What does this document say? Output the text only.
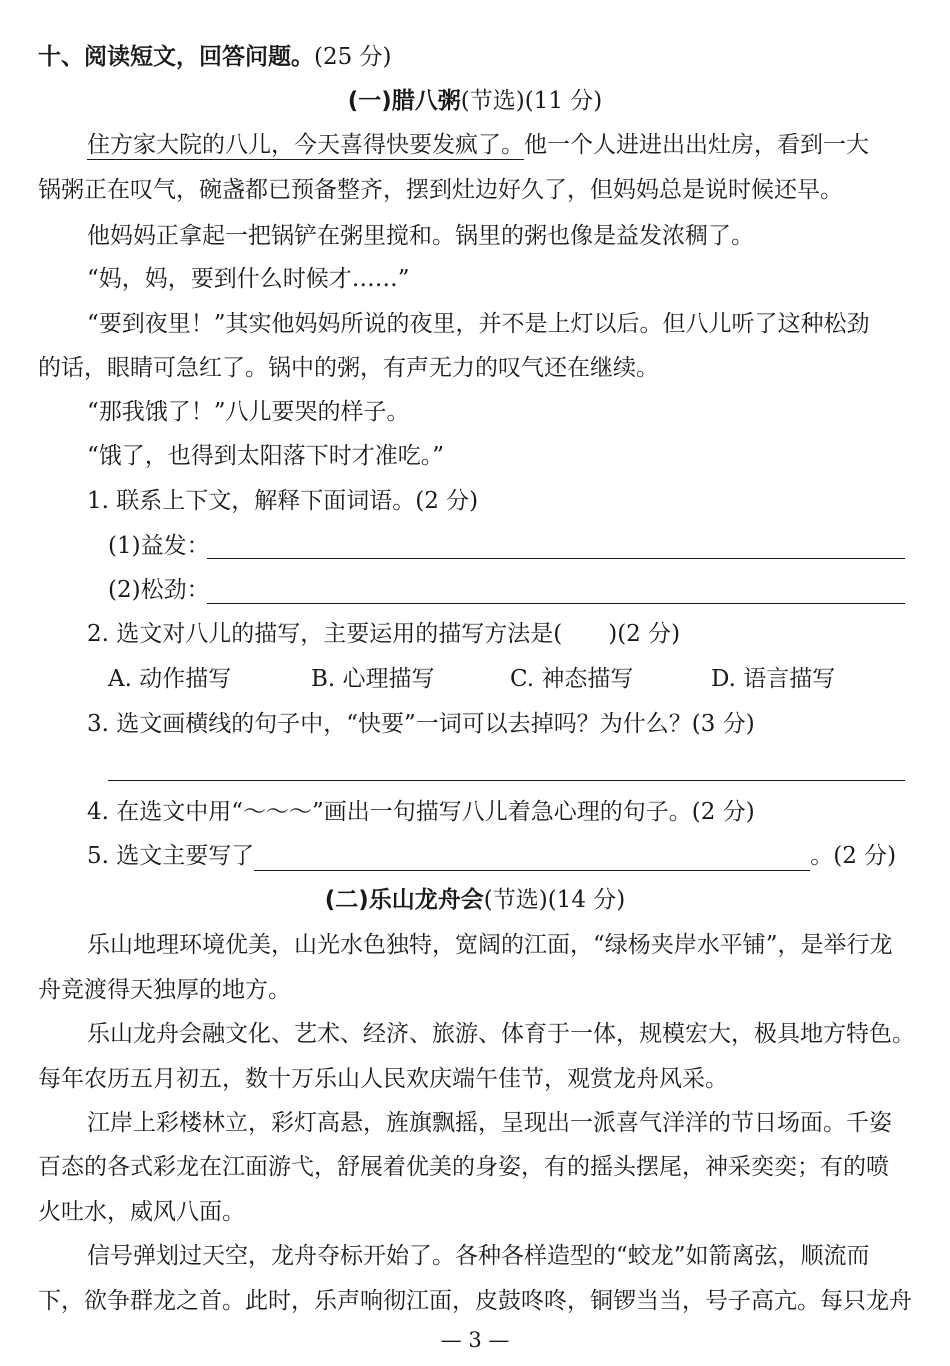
十、阅读短文，回答问题。(25 分)
(一)腊八粥(节选)(11 分)
住方家大院的八儿，今天喜得快要发疯了。他一个人进进出出灶房，看到一大
锅粥正在叹气，碗盏都已预备整齐，摆到灶边好久了，但妈妈总是说时候还早。
他妈妈正拿起一把锅铲在粥里搅和。锅里的粥也像是益发浓稠了。
“妈，妈，要到什么时候才……”
“要到夜里！”其实他妈妈所说的夜里，并不是上灯以后。但八儿听了这种松劲
的话，眼睛可急红了。锅中的粥，有声无力的叹气还在继续。
“那我饿了！”八儿要哭的样子。
“饿了，也得到太阳落下时才准吃。”
1. 联系上下文，解释下面词语。(2 分)
(1)益发：
(2)松劲：
2. 选文对八儿的描写，主要运用的描写方法是(　　)(2 分)
A. 动作描写	B. 心理描写	C. 神态描写	D. 语言描写
3. 选文画横线的句子中，“快要”一词可以去掉吗？为什么？(3 分)
4. 在选文中用“～～～”画出一句描写八儿着急心理的句子。(2 分)
5. 选文主要写了	。(2 分)
(二)乐山龙舟会(节选)(14 分)
乐山地理环境优美，山光水色独特，宽阔的江面，“绿杨夹岸水平铺”，是举行龙
舟竞渡得天独厚的地方。
乐山龙舟会融文化、艺术、经济、旅游、体育于一体，规模宏大，极具地方特色。
每年农历五月初五，数十万乐山人民欢庆端午佳节，观赏龙舟风采。
江岸上彩楼林立，彩灯高悬，旌旗飘摇，呈现出一派喜气洋洋的节日场面。千姿
百态的各式彩龙在江面游弋，舒展着优美的身姿，有的摇头摆尾，神采奕奕；有的喷
火吐水，威风八面。
信号弹划过天空，龙舟夺标开始了。各种各样造型的“蛟龙”如箭离弦，顺流而
下，欲争群龙之首。此时，乐声响彻江面，皮鼓咚咚，铜锣当当，号子高亢。每只龙舟
— 3 —
